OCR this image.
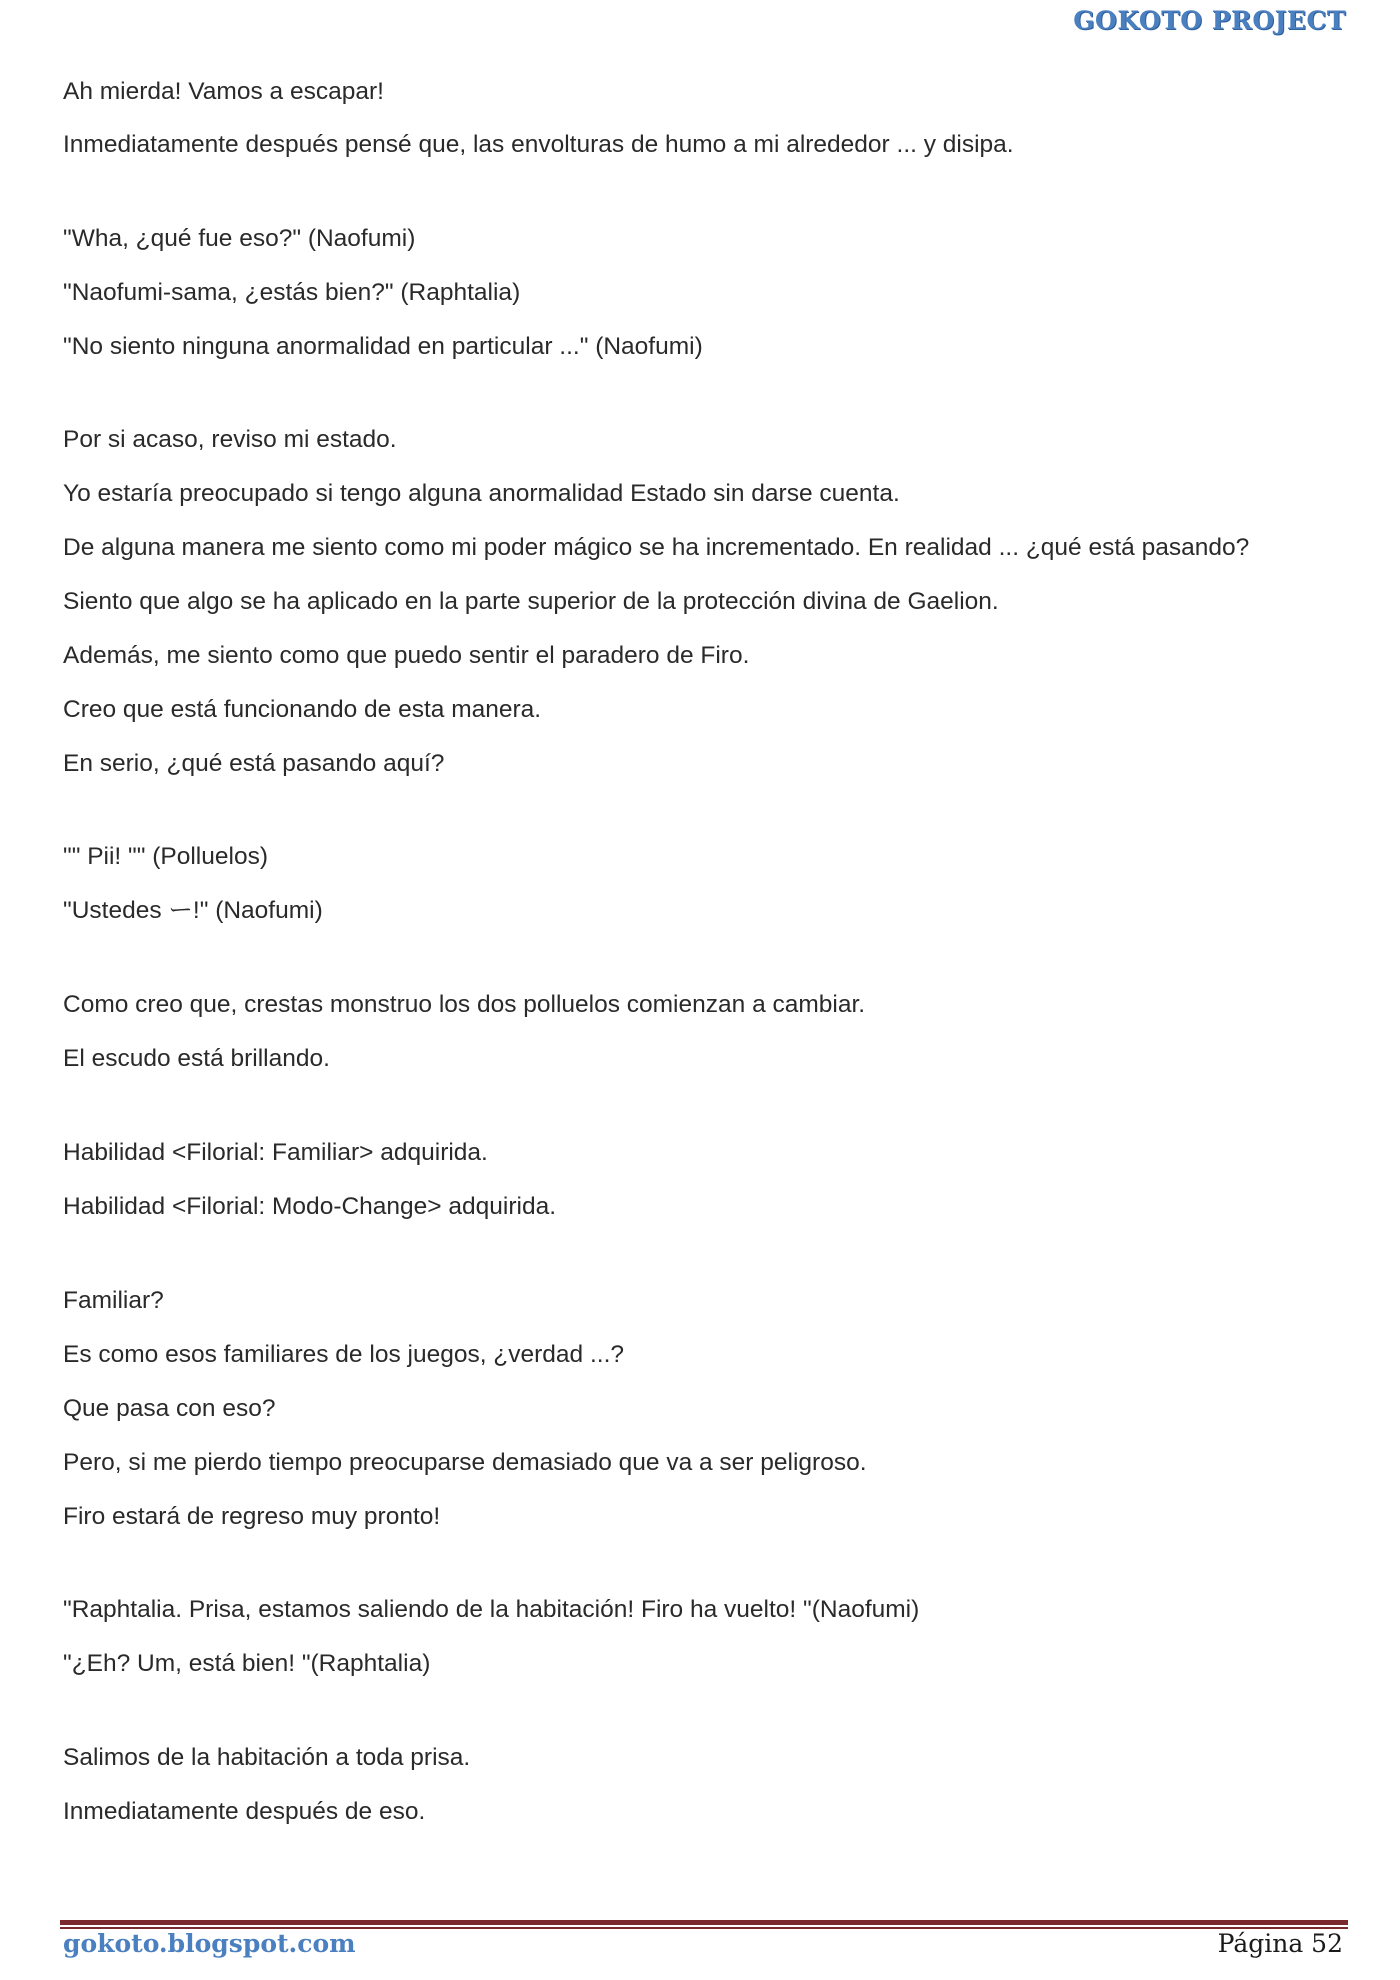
GOKOTO PROJECT
Ah mierda! Vamos a escapar!
Inmediatamente después pensé que, las envolturas de humo a mi alrededor ... y disipa.
"Wha, ¿qué fue eso?" (Naofumi)
"Naofumi-sama, ¿estás bien?" (Raphtalia)
"No siento ninguna anormalidad en particular ..." (Naofumi)
Por si acaso, reviso mi estado.
Yo estaría preocupado si tengo alguna anormalidad Estado sin darse cuenta.
De alguna manera me siento como mi poder mágico se ha incrementado. En realidad ... ¿qué está pasando?
Siento que algo se ha aplicado en la parte superior de la protección divina de Gaelion.
Además, me siento como que puedo sentir el paradero de Firo.
Creo que está funcionando de esta manera.
En serio, ¿qué está pasando aquí?
"" Pii! "" (Polluelos)
"Ustedes ー!" (Naofumi)
Como creo que, crestas monstruo los dos polluelos comienzan a cambiar.
El escudo está brillando.
Habilidad <Filorial: Familiar> adquirida.
Habilidad <Filorial: Modo-Change> adquirida.
Familiar?
Es como esos familiares de los juegos, ¿verdad ...?
Que pasa con eso?
Pero, si me pierdo tiempo preocuparse demasiado que va a ser peligroso.
Firo estará de regreso muy pronto!
"Raphtalia. Prisa, estamos saliendo de la habitación! Firo ha vuelto! "(Naofumi)
"¿Eh? Um, está bien! "(Raphtalia)
Salimos de la habitación a toda prisa.
Inmediatamente después de eso.
gokoto.blogspot.com	Página 52
